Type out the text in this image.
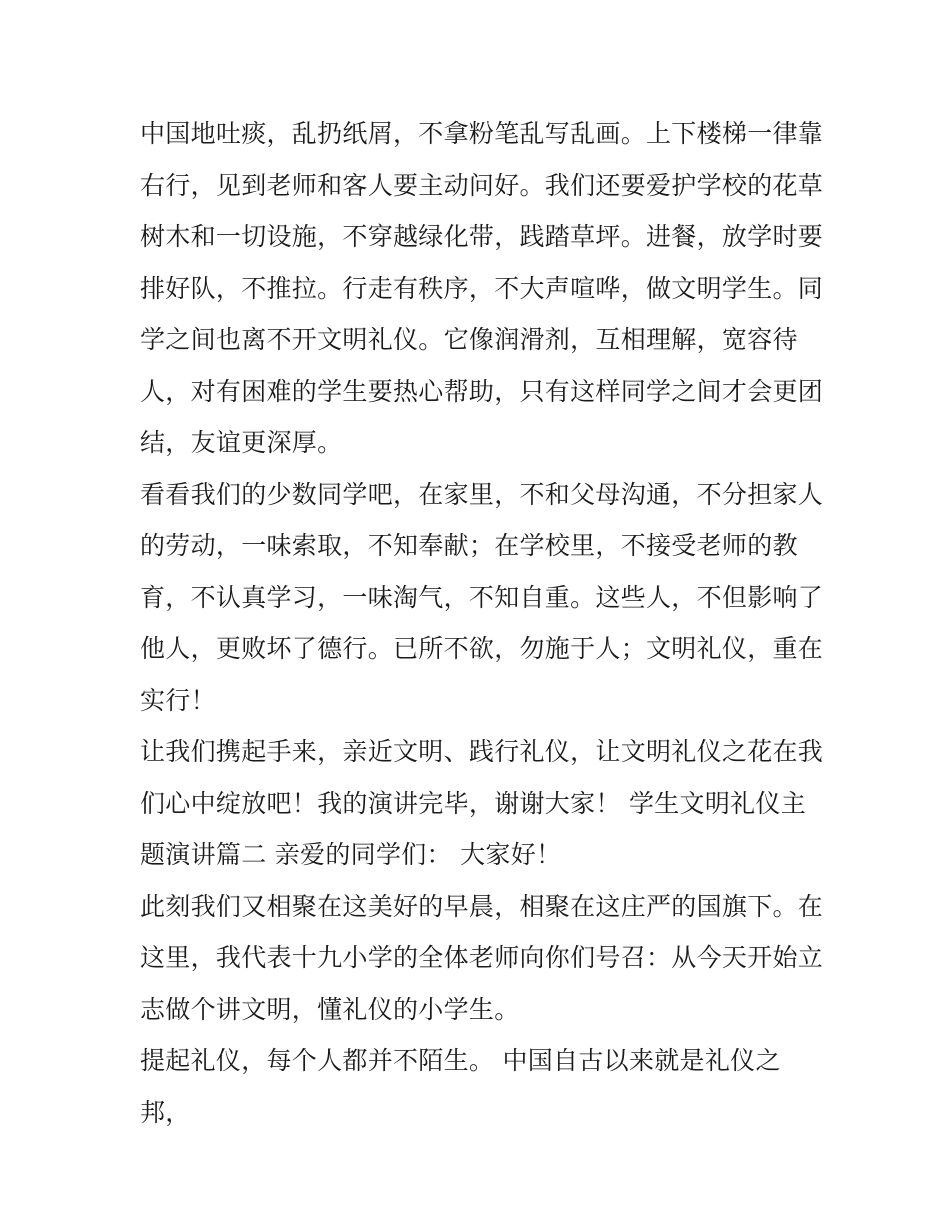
中国地吐痰，乱扔纸屑，不拿粉笔乱写乱画。上下楼梯一律靠
右行，见到老师和客人要主动问好。我们还要爱护学校的花草
树木和一切设施，不穿越绿化带，践踏草坪。进餐，放学时要
排好队，不推拉。行走有秩序，不大声喧哗，做文明学生。同
学之间也离不开文明礼仪。它像润滑剂，互相理解，宽容待
人，对有困难的学生要热心帮助，只有这样同学之间才会更团
结，友谊更深厚。
看看我们的少数同学吧，在家里，不和父母沟通，不分担家人
的劳动，一味索取，不知奉献；在学校里，不接受老师的教
育，不认真学习，一味淘气，不知自重。这些人，不但影响了
他人，更败坏了德行。已所不欲，勿施于人；文明礼仪，重在
实行！
让我们携起手来，亲近文明、践行礼仪，让文明礼仪之花在我
们心中绽放吧！我的演讲完毕，谢谢大家！ 学生文明礼仪主
题演讲篇二 亲爱的同学们： 大家好！
此刻我们又相聚在这美好的早晨，相聚在这庄严的国旗下。在
这里，我代表十九小学的全体老师向你们号召：从今天开始立
志做个讲文明，懂礼仪的小学生。
提起礼仪，每个人都并不陌生。 中国自古以来就是礼仪之
邦，
